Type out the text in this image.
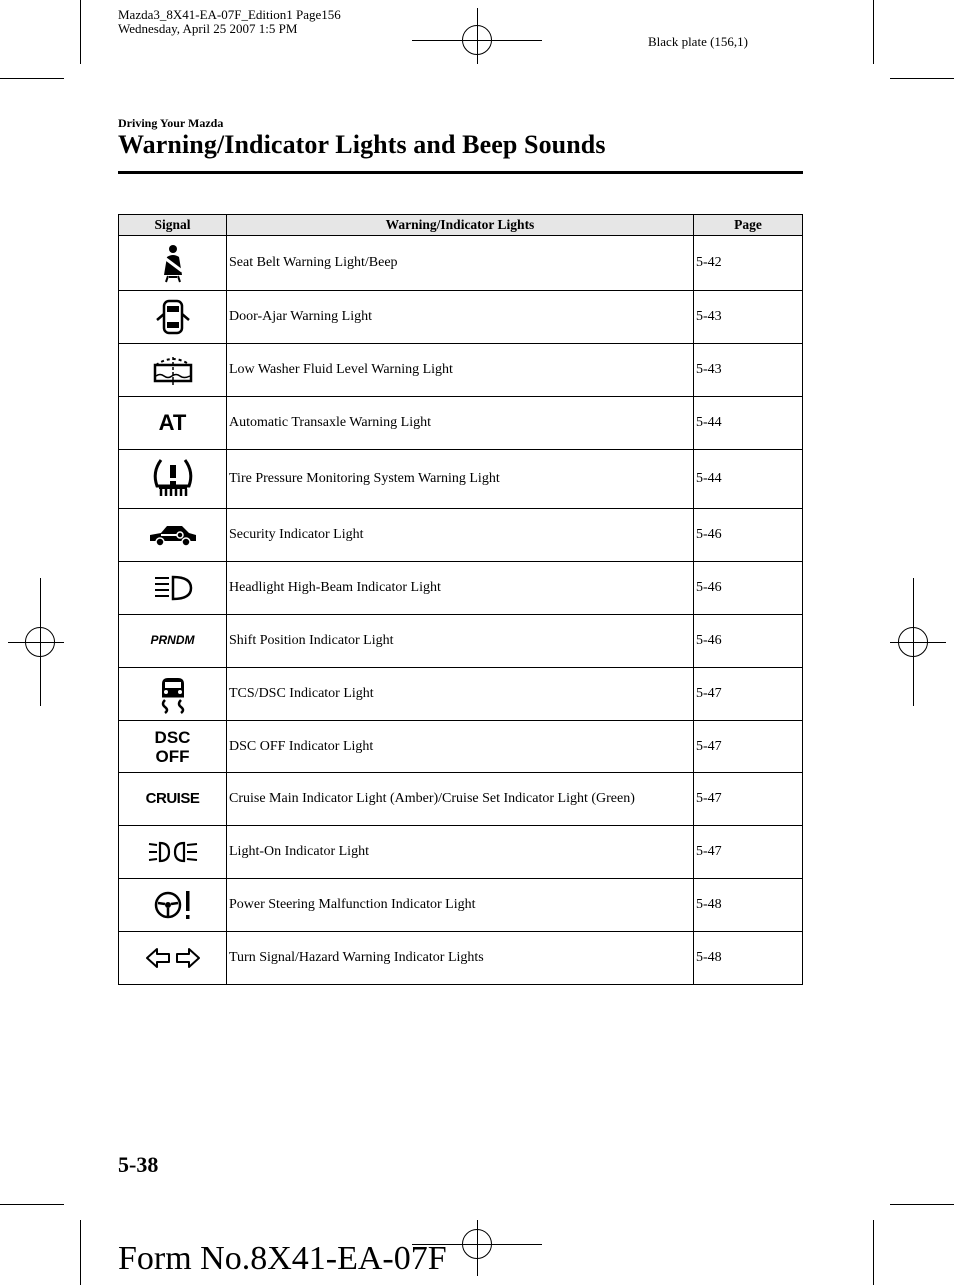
Mazda3_8X41-EA-07F_Edition1 Page156
Wednesday, April 25 2007 1:5 PM
Black plate (156,1)
Driving Your Mazda
Warning/Indicator Lights and Beep Sounds
Signal	Warning/Indicator Lights	Page

	Seat Belt Warning Light/Beep	5-42

	Door-Ajar Warning Light	5-43

	Low Washer Fluid Level Warning Light	5-43
AT	Automatic Transaxle Warning Light	5-44

	Tire Pressure Monitoring System Warning Light	5-44

	Security Indicator Light	5-46

	Headlight High-Beam Indicator Light	5-46
PRNDM	Shift Position Indicator Light	5-46

	TCS/DSC Indicator Light	5-47

DSC
OFF	DSC OFF Indicator Light	5-47
CRUISE	Cruise Main Indicator Light (Amber)/Cruise Set Indicator Light (Green)	5-47

	Light-On Indicator Light	5-47

	Power Steering Malfunction Indicator Light	5-48

	Turn Signal/Hazard Warning Indicator Lights	5-48
5-38
Form No.8X41-EA-07F
